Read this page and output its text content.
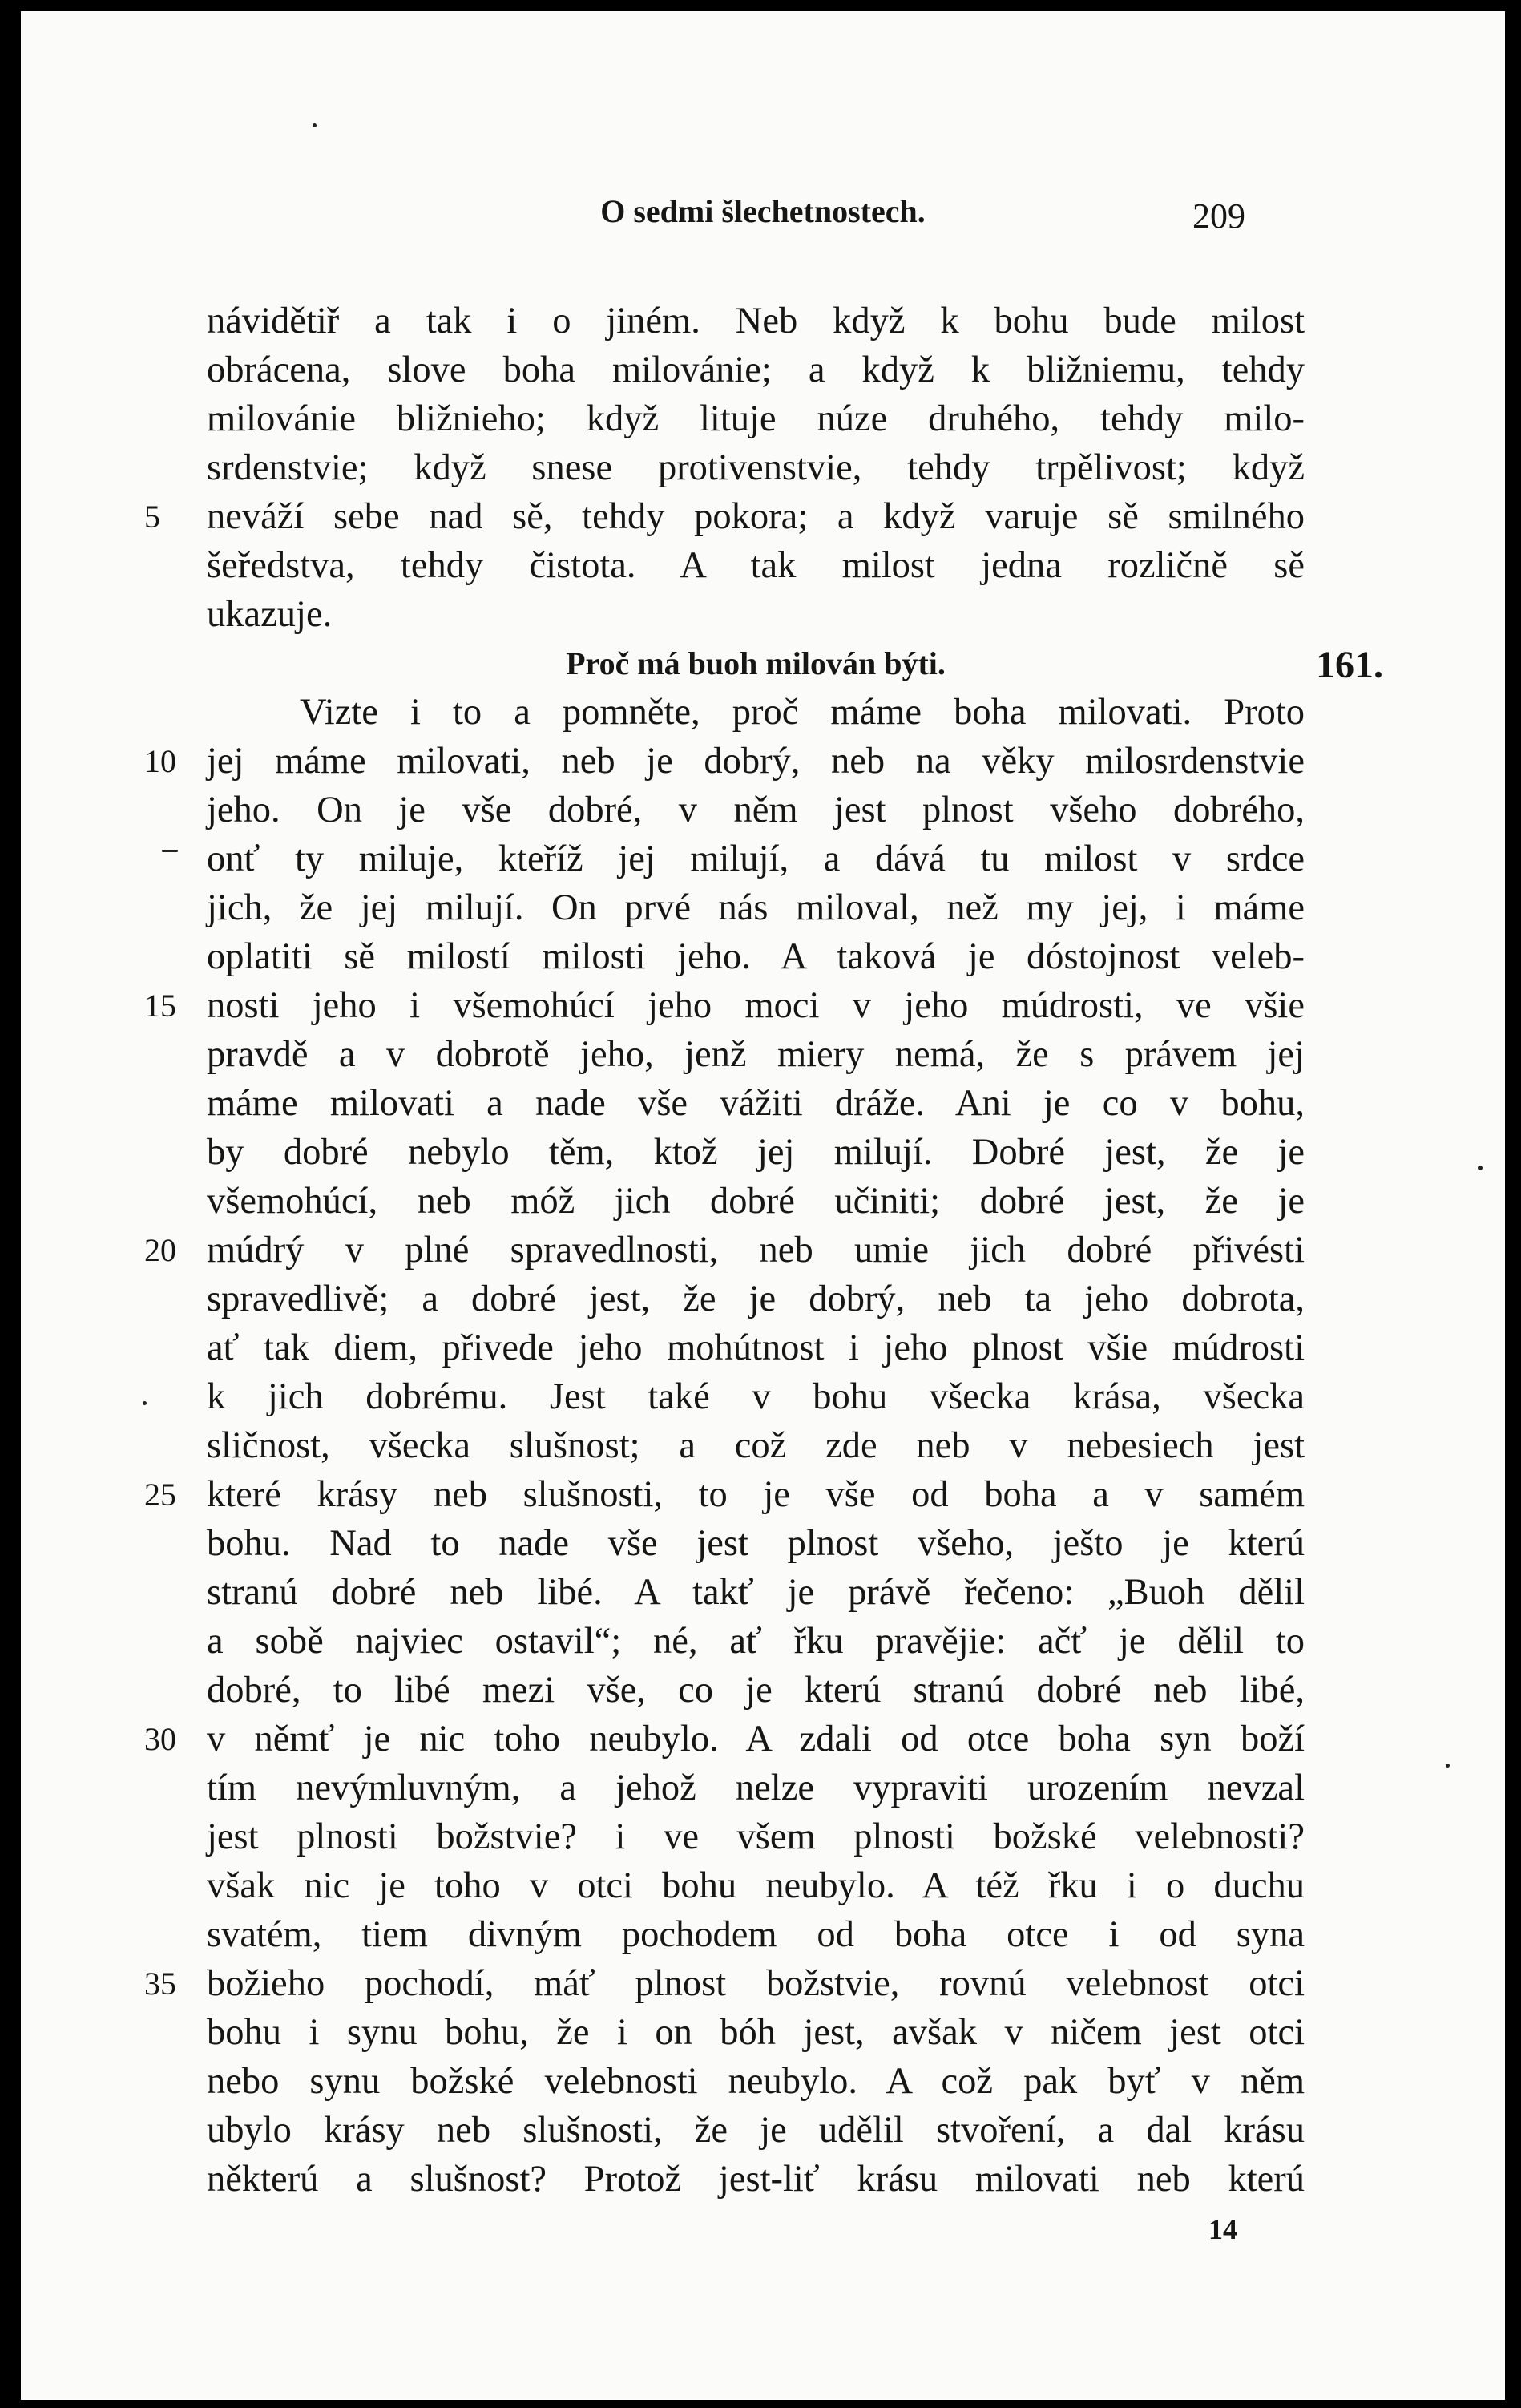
O sedmi šlechetnostech.	209
návidětiř a tak i o jiném. Neb když k bohu bude milost
obrácena, slove boha milovánie; a když k bližniemu, tehdy
milovánie bližnieho; když lituje núze druhého, tehdy milo-
srdenstvie; když snese protivenstvie, tehdy trpělivost; když
5	neváží sebe nad sě, tehdy pokora; a když varuje sě smilného
šeředstva, tehdy čistota. A tak milost jedna rozličně sě
ukazuje.
Proč má buoh milován býti.	161.
Vizte i to a pomněte, proč máme boha milovati. Proto
10 jej máme milovati, neb je dobrý, neb na věky milosrdenstvie
jeho. On je vše dobré, v něm jest plnost všeho dobrého,
onť ty miluje, kteříž jej milují, a dává tu milost v srdce
jich, že jej milují. On prvé nás miloval, než my jej, i máme
oplatiti sě milostí milosti jeho. A taková je dóstojnost veleb-
15 nosti jeho i všemohúcí jeho moci v jeho múdrosti, ve všie
pravdě a v dobrotě jeho, jenž miery nemá, že s právem jej
máme milovati a nade vše vážiti dráže. Ani je co v bohu,
by dobré nebylo těm, ktož jej milují. Dobré jest, že je
všemohúcí, neb móž jich dobré učiniti; dobré jest, že je
20 múdrý v plné spravedlnosti, neb umie jich dobré přivésti
spravedlivě; a dobré jest, že je dobrý, neb ta jeho dobrota,
ať tak diem, přivede jeho mohútnost i jeho plnost všie múdrosti
k jich dobrému. Jest také v bohu všecka krása, všecka
sličnost, všecka slušnost; a což zde neb v nebesiech jest
25 které krásy neb slušnosti, to je vše od boha a v samém
bohu. Nad to nade vše jest plnost všeho, ješto je kterú
stranú dobré neb libé. A takť je právě řečeno: „Buoh dělil
a sobě najviec ostavil“; né, ať řku pravějie: ačť je dělil to
dobré, to libé mezi vše, co je kterú stranú dobré neb libé,
30 v němť je nic toho neubylo. A zdali od otce boha syn boží
tím nevýmluvným, a jehož nelze vypraviti urozením nevzal
jest plnosti božstvie? i ve všem plnosti božské velebnosti?
však nic je toho v otci bohu neubylo. A též řku i o duchu
svatém, tiem divným pochodem od boha otce i od syna
35 božieho pochodí, máť plnost božstvie, rovnú velebnost otci
bohu i synu bohu, že i on bóh jest, avšak v ničem jest otci
nebo synu božské velebnosti neubylo. A což pak byť v něm
ubylo krásy neb slušnosti, že je udělil stvoření, a dal krásu
některú a slušnost? Protož jest-liť krásu milovati neb kterú
14
